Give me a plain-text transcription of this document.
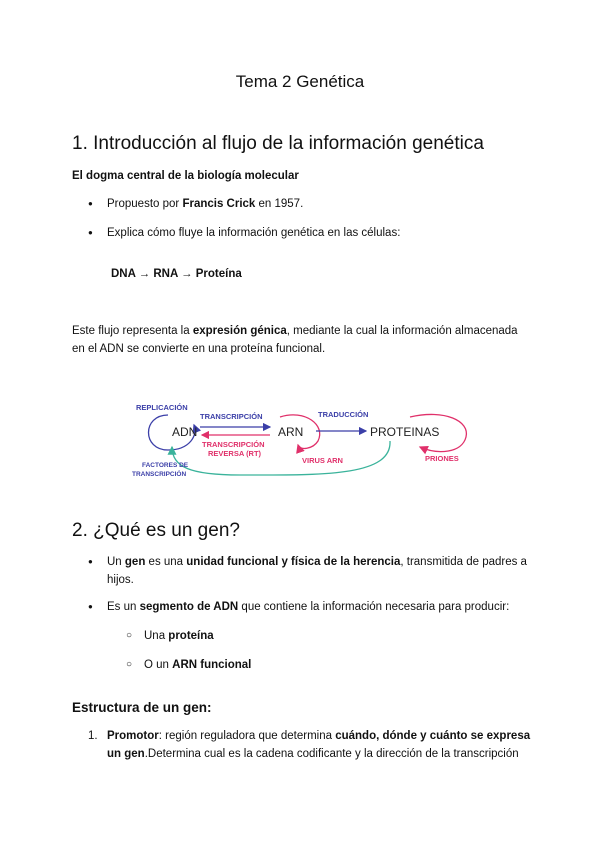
Tema 2 Genética
1. Introducción al flujo de la información genética
El dogma central de la biología molecular
● Propuesto por Francis Crick en 1957.
● Explica cómo fluye la información genética en las células:
DNA → RNA → Proteína
Este flujo representa la expresión génica, mediante la cual la información almacenada en el ADN se convierte en una proteína funcional.
REPLICACIÓN
ADN
TRANSCRIPCIÓN
TRANSCRIPCIÓN
REVERSA (RT)
ARN
VIRUS ARN
TRADUCCIÓN
PROTEINAS
PRIONES
FACTORES DE
TRANSCRIPCIÓN
2. ¿Qué es un gen?
● Un gen es una unidad funcional y física de la herencia, transmitida de padres a hijos.
● Es un segmento de ADN que contiene la información necesaria para producir:
○ Una proteína
○ O un ARN funcional
Estructura de un gen:
1. Promotor: región reguladora que determina cuándo, dónde y cuánto se expresa un gen.Determina cual es la cadena codificante y la dirección de la transcripción
